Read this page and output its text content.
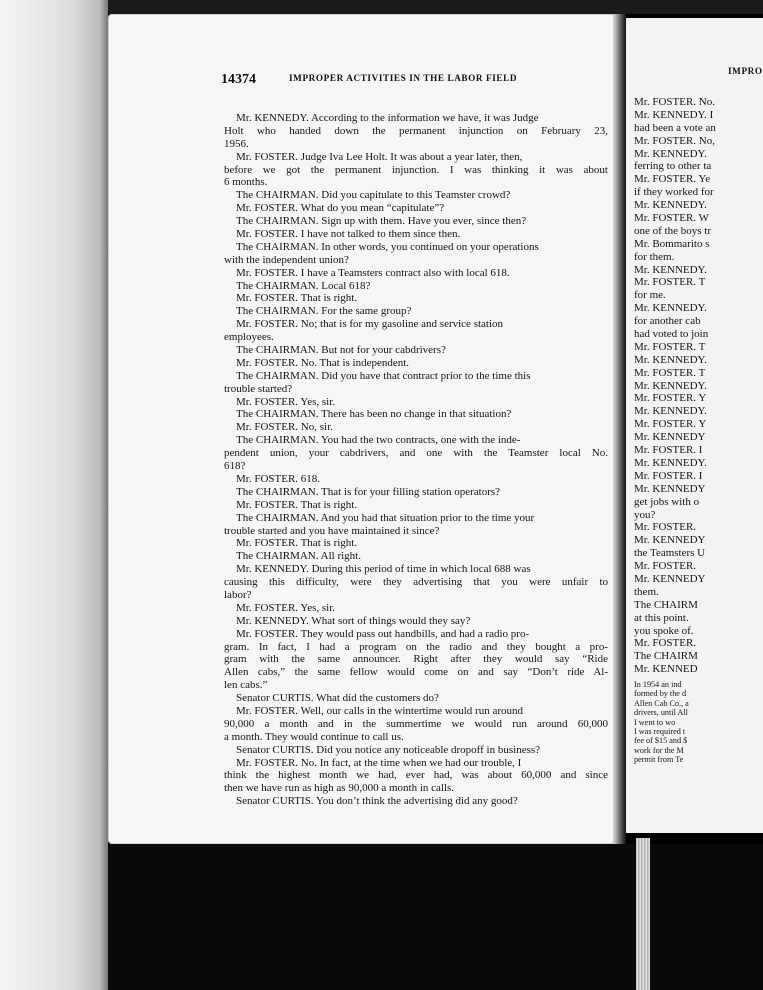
14374	IMPROPER ACTIVITIES IN THE LABOR FIELD
Mr. KENNEDY. According to the information we have, it was Judge
Holt who handed down the permanent injunction on February 23,
1956.
Mr. FOSTER. Judge Iva Lee Holt. It was about a year later, then,
before we got the permanent injunction. I was thinking it was about
6 months.
The CHAIRMAN. Did you capitulate to this Teamster crowd?
Mr. FOSTER. What do you mean “capitulate”?
The CHAIRMAN. Sign up with them. Have you ever, since then?
Mr. FOSTER. I have not talked to them since then.
The CHAIRMAN. In other words, you continued on your operations
with the independent union?
Mr. FOSTER. I have a Teamsters contract also with local 618.
The CHAIRMAN. Local 618?
Mr. FOSTER. That is right.
The CHAIRMAN. For the same group?
Mr. FOSTER. No; that is for my gasoline and service station
employees.
The CHAIRMAN. But not for your cabdrivers?
Mr. FOSTER. No. That is independent.
The CHAIRMAN. Did you have that contract prior to the time this
trouble started?
Mr. FOSTER. Yes, sir.
The CHAIRMAN. There has been no change in that situation?
Mr. FOSTER. No, sir.
The CHAIRMAN. You had the two contracts, one with the inde-
pendent union, your cabdrivers, and one with the Teamster local No.
618?
Mr. FOSTER. 618.
The CHAIRMAN. That is for your filling station operators?
Mr. FOSTER. That is right.
The CHAIRMAN. And you had that situation prior to the time your
trouble started and you have maintained it since?
Mr. FOSTER. That is right.
The CHAIRMAN. All right.
Mr. KENNEDY. During this period of time in which local 688 was
causing this difficulty, were they advertising that you were unfair to
labor?
Mr. FOSTER. Yes, sir.
Mr. KENNEDY. What sort of things would they say?
Mr. FOSTER. They would pass out handbills, and had a radio pro-
gram. In fact, I had a program on the radio and they bought a pro-
gram with the same announcer. Right after they would say “Ride
Allen cabs,” the same fellow would come on and say “Don’t ride Al-
len cabs.”
Senator CURTIS. What did the customers do?
Mr. FOSTER. Well, our calls in the wintertime would run around
90,000 a month and in the summertime we would run around 60,000
a month. They would continue to call us.
Senator CURTIS. Did you notice any noticeable dropoff in business?
Mr. FOSTER. No. In fact, at the time when we had our trouble, I
think the highest month we had, ever had, was about 60,000 and since
then we have run as high as 90,000 a month in calls.
Senator CURTIS. You don’t think the advertising did any good?
IMPRO
Mr. FOSTER. No.
Mr. KENNEDY. I
had been a vote an
Mr. FOSTER. No,
Mr. KENNEDY.
ferring to other ta
Mr. FOSTER. Ye
if they worked for
Mr. KENNEDY.
Mr. FOSTER. W
one of the boys tr
Mr. Bommarito s
for them.
Mr. KENNEDY.
Mr. FOSTER. T
for me.
Mr. KENNEDY.
for another cab
had voted to join
Mr. FOSTER. T
Mr. KENNEDY.
Mr. FOSTER. T
Mr. KENNEDY.
Mr. FOSTER. Y
Mr. KENNEDY.
Mr. FOSTER. Y
Mr. KENNEDY
Mr. FOSTER. I
Mr. KENNEDY.
Mr. FOSTER. I
Mr. KENNEDY
get jobs with o
you?
Mr. FOSTER.
Mr. KENNEDY
the Teamsters U
Mr. FOSTER.
Mr. KENNEDY
them.
The CHAIRM
at this point.
you spoke of.
Mr. FOSTER.
The CHAIRM
Mr. KENNED
In 1954 an ind
formed by the d
Allen Cab Co., a
drivers, until All
I went to wo
I was required t
fee of $15 and $
work for the M
permit from Te
